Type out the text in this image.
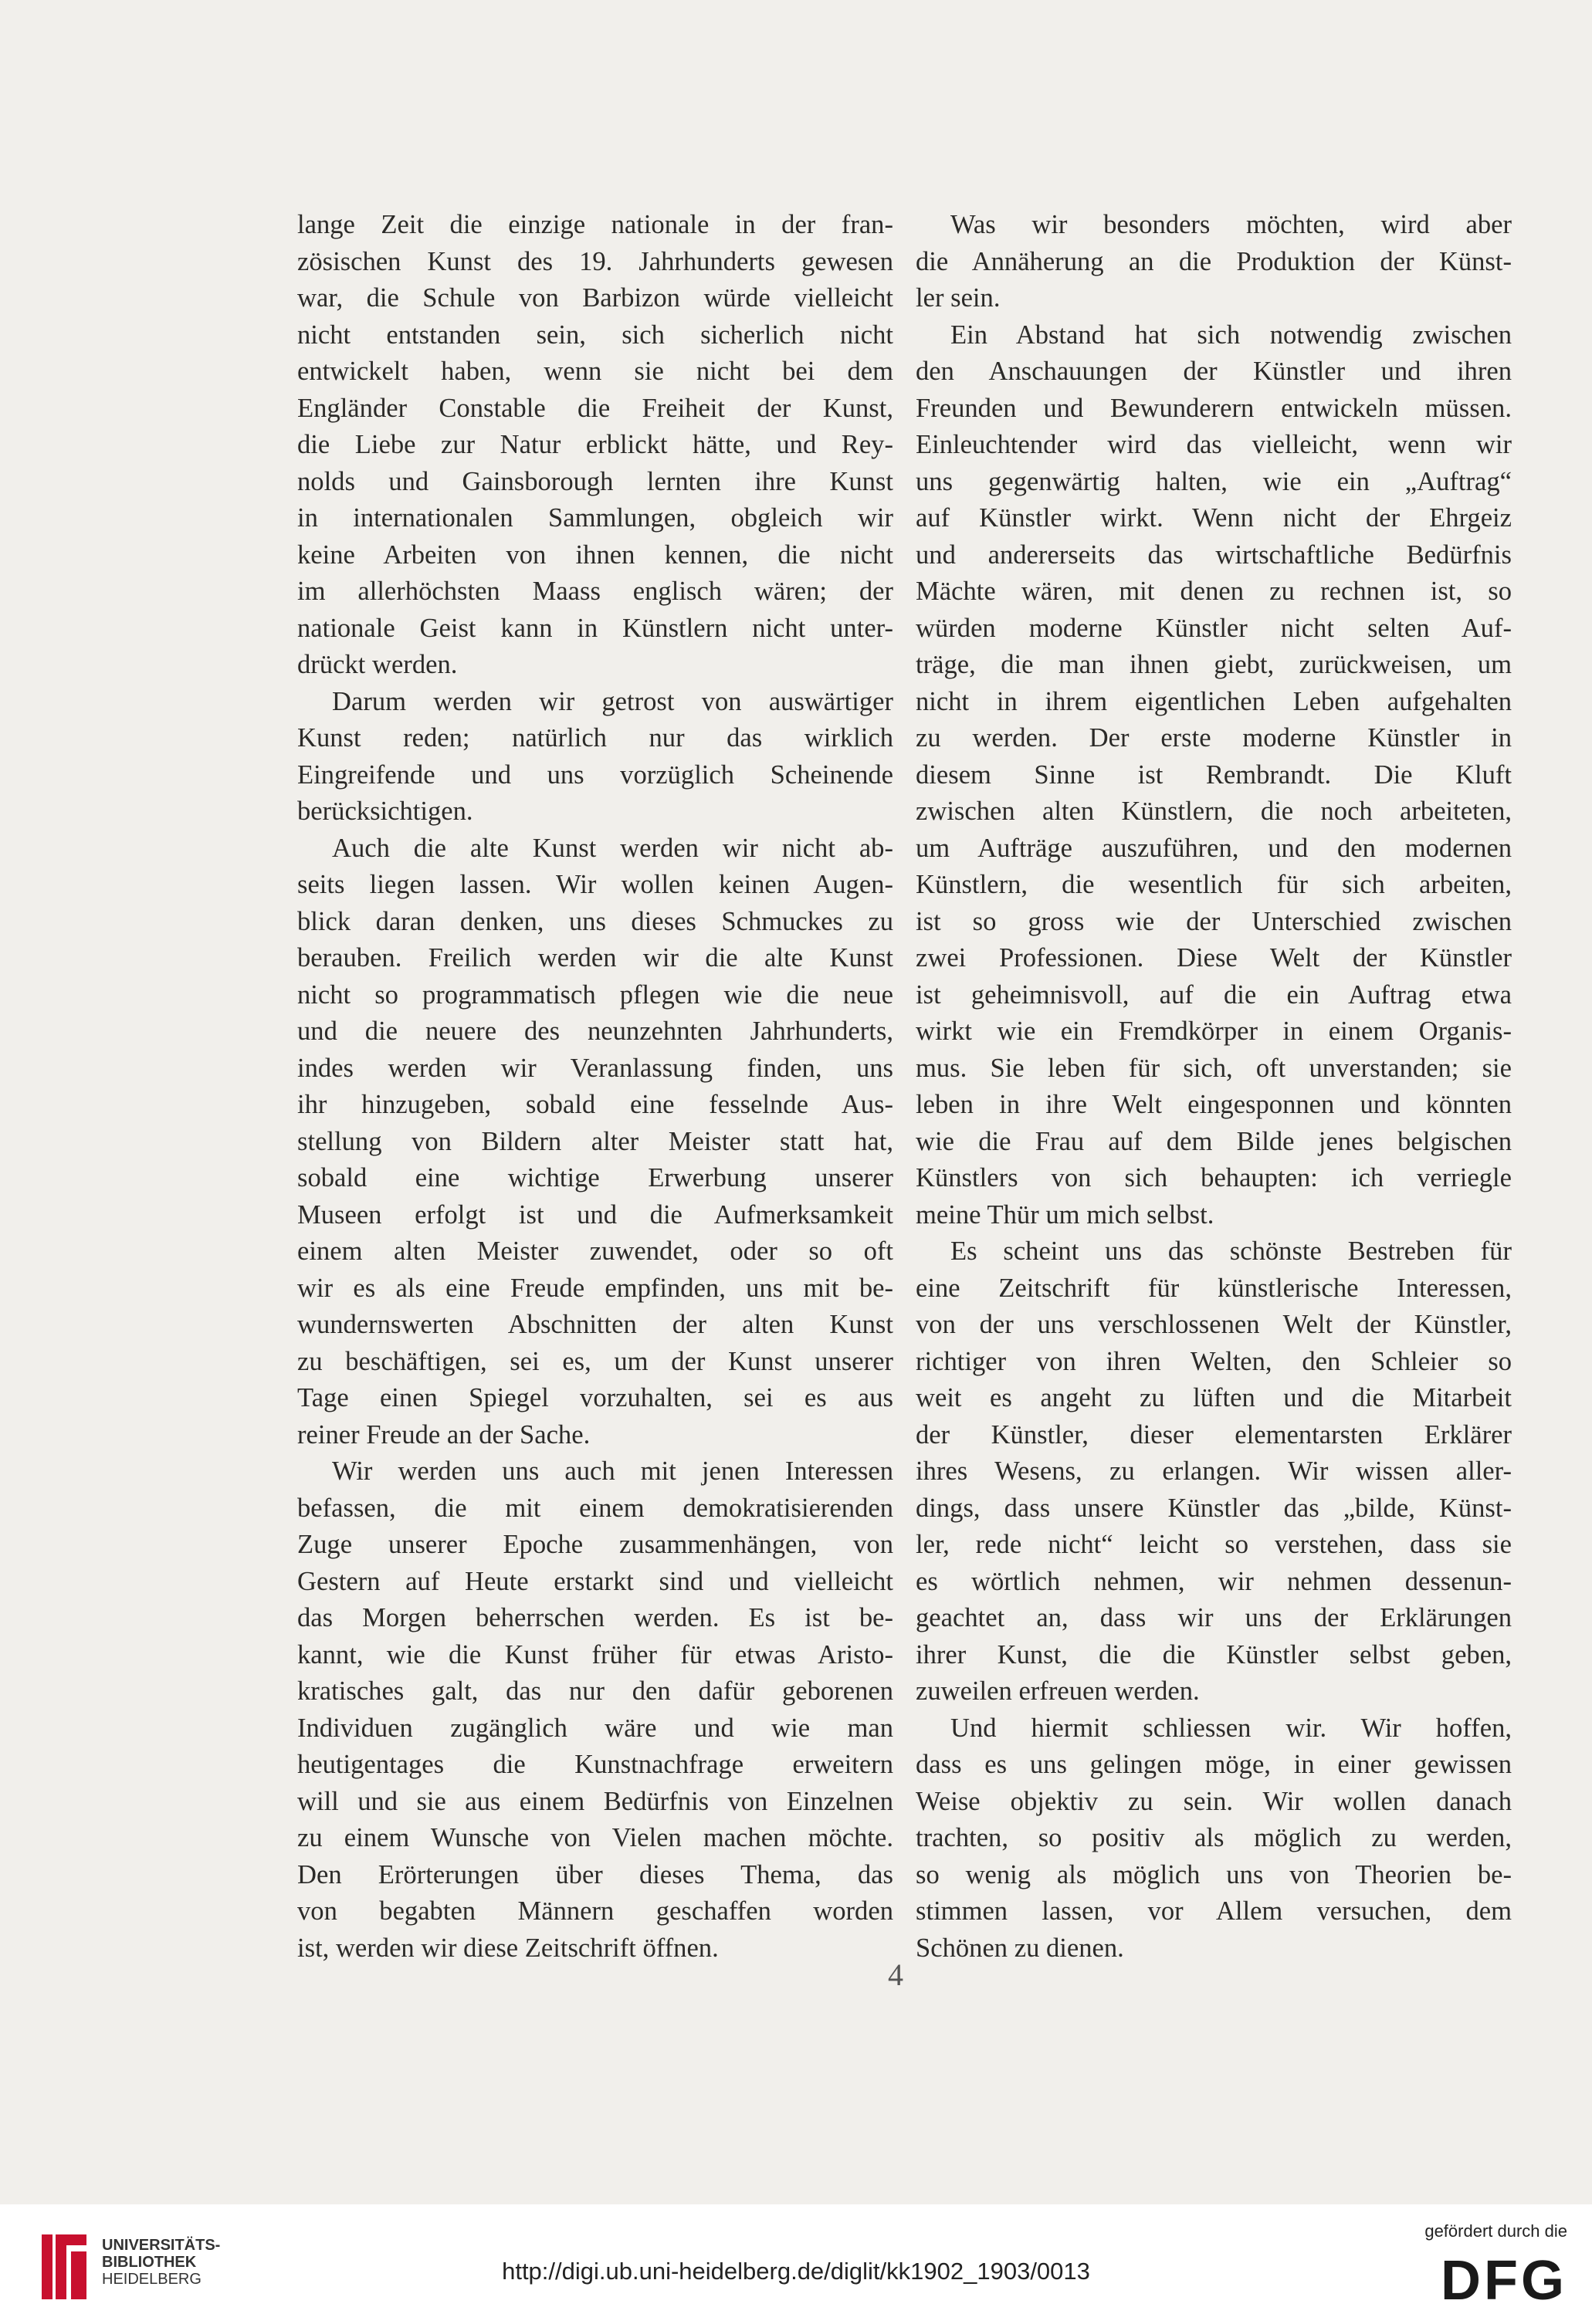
lange Zeit die einzige nationale in der fran-
zösischen Kunst des 19. Jahrhunderts gewesen
war, die Schule von Barbizon würde vielleicht
nicht entstanden sein, sich sicherlich nicht
entwickelt haben, wenn sie nicht bei dem
Engländer Constable die Freiheit der Kunst,
die Liebe zur Natur erblickt hätte, und Rey-
nolds und Gainsborough lernten ihre Kunst
in internationalen Sammlungen, obgleich wir
keine Arbeiten von ihnen kennen, die nicht
im allerhöchsten Maass englisch wären; der
nationale Geist kann in Künstlern nicht unter-
drückt werden.
Darum werden wir getrost von auswärtiger
Kunst reden; natürlich nur das wirklich
Eingreifende und uns vorzüglich Scheinende
berücksichtigen.
Auch die alte Kunst werden wir nicht ab-
seits liegen lassen. Wir wollen keinen Augen-
blick daran denken, uns dieses Schmuckes zu
berauben. Freilich werden wir die alte Kunst
nicht so programmatisch pflegen wie die neue
und die neuere des neunzehnten Jahrhunderts,
indes werden wir Veranlassung finden, uns
ihr hinzugeben, sobald eine fesselnde Aus-
stellung von Bildern alter Meister statt hat,
sobald eine wichtige Erwerbung unserer
Museen erfolgt ist und die Aufmerksamkeit
einem alten Meister zuwendet, oder so oft
wir es als eine Freude empfinden, uns mit be-
wundernswerten Abschnitten der alten Kunst
zu beschäftigen, sei es, um der Kunst unserer
Tage einen Spiegel vorzuhalten, sei es aus
reiner Freude an der Sache.
Wir werden uns auch mit jenen Interessen
befassen, die mit einem demokratisierenden
Zuge unserer Epoche zusammenhängen, von
Gestern auf Heute erstarkt sind und vielleicht
das Morgen beherrschen werden. Es ist be-
kannt, wie die Kunst früher für etwas Aristo-
kratisches galt, das nur den dafür geborenen
Individuen zugänglich wäre und wie man
heutigentages die Kunstnachfrage erweitern
will und sie aus einem Bedürfnis von Einzelnen
zu einem Wunsche von Vielen machen möchte.
Den Erörterungen über dieses Thema, das
von begabten Männern geschaffen worden
ist, werden wir diese Zeitschrift öffnen.
Was wir besonders möchten, wird aber
die Annäherung an die Produktion der Künst-
ler sein.
Ein Abstand hat sich notwendig zwischen
den Anschauungen der Künstler und ihren
Freunden und Bewunderern entwickeln müssen.
Einleuchtender wird das vielleicht, wenn wir
uns gegenwärtig halten, wie ein „Auftrag“
auf Künstler wirkt. Wenn nicht der Ehrgeiz
und andererseits das wirtschaftliche Bedürfnis
Mächte wären, mit denen zu rechnen ist, so
würden moderne Künstler nicht selten Auf-
träge, die man ihnen giebt, zurückweisen, um
nicht in ihrem eigentlichen Leben aufgehalten
zu werden. Der erste moderne Künstler in
diesem Sinne ist Rembrandt. Die Kluft
zwischen alten Künstlern, die noch arbeiteten,
um Aufträge auszuführen, und den modernen
Künstlern, die wesentlich für sich arbeiten,
ist so gross wie der Unterschied zwischen
zwei Professionen. Diese Welt der Künstler
ist geheimnisvoll, auf die ein Auftrag etwa
wirkt wie ein Fremdkörper in einem Organis-
mus. Sie leben für sich, oft unverstanden; sie
leben in ihre Welt eingesponnen und könnten
wie die Frau auf dem Bilde jenes belgischen
Künstlers von sich behaupten: ich verriegle
meine Thür um mich selbst.
Es scheint uns das schönste Bestreben für
eine Zeitschrift für künstlerische Interessen,
von der uns verschlossenen Welt der Künstler,
richtiger von ihren Welten, den Schleier so
weit es angeht zu lüften und die Mitarbeit
der Künstler, dieser elementarsten Erklärer
ihres Wesens, zu erlangen. Wir wissen aller-
dings, dass unsere Künstler das „bilde, Künst-
ler, rede nicht“ leicht so verstehen, dass sie
es wörtlich nehmen, wir nehmen dessenun-
geachtet an, dass wir uns der Erklärungen
ihrer Kunst, die die Künstler selbst geben,
zuweilen erfreuen werden.
Und hiermit schliessen wir. Wir hoffen,
dass es uns gelingen möge, in einer gewissen
Weise objektiv zu sein. Wir wollen danach
trachten, so positiv als möglich zu werden,
so wenig als möglich uns von Theorien be-
stimmen lassen, vor Allem versuchen, dem
Schönen zu dienen.
4
UNIVERSITÄTS-
BIBLIOTHEK
HEIDELBERG	http://digi.ub.uni-heidelberg.de/diglit/kk1902_1903/0013
gefördert durch die
DFG
